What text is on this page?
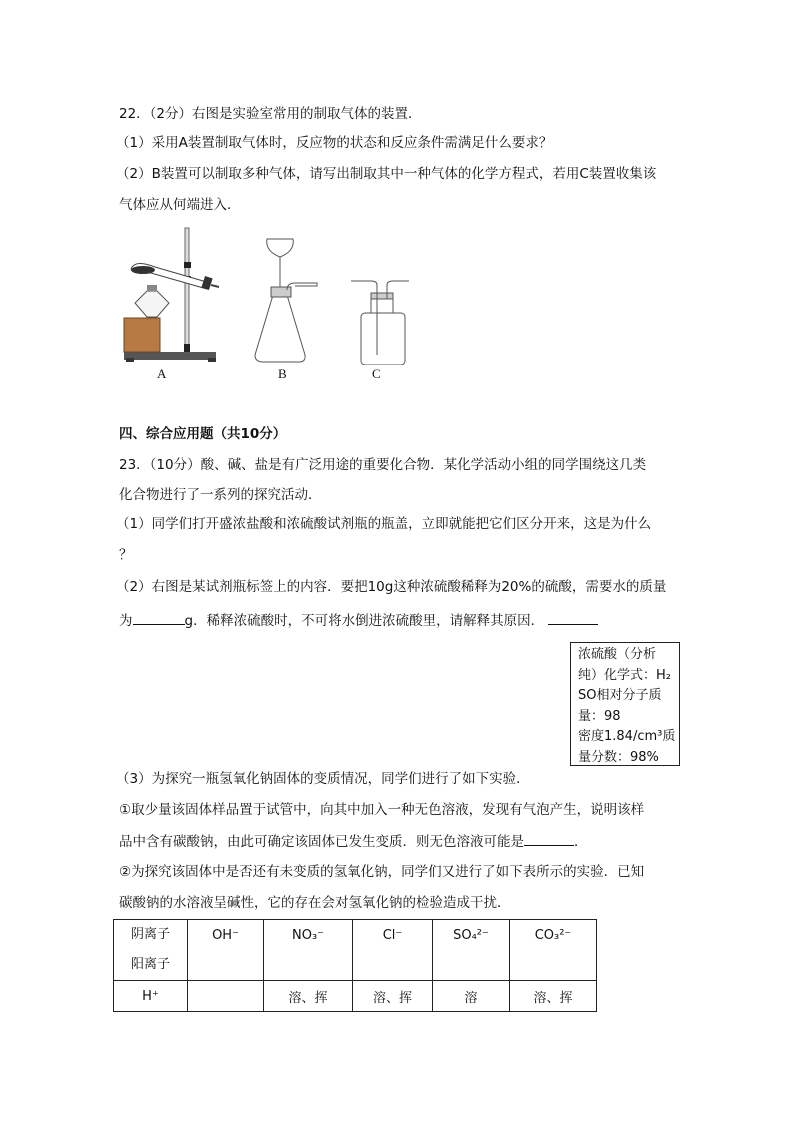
22．（2分）右图是实验室常用的制取气体的装置．
（1）采用A装置制取气体时，反应物的状态和反应条件需满足什么要求？
（2）B装置可以制取多种气体，请写出制取其中一种气体的化学方程式，若用C装置收集该
气体应从何端进入．
A	B	C
四、综合应用题（共10分）
23．（10分）酸、碱、盐是有广泛用途的重要化合物．某化学活动小组的同学围绕这几类
化合物进行了一系列的探究活动．
（1）同学们打开盛浓盐酸和浓硫酸试剂瓶的瓶盖，立即就能把它们区分开来，这是为什么
？
（2）右图是某试剂瓶标签上的内容．要把10g这种浓硫酸稀释为20%的硫酸，需要水的质量
为	g．稀释浓硫酸时，不可将水倒进浓硫酸里，请解释其原因．
浓硫酸（分析
纯）化学式：H₂
SO相对分子质
量：98
密度1.84/cm³质
量分数：98%
（3）为探究一瓶氢氧化钠固体的变质情况，同学们进行了如下实验．
①取少量该固体样品置于试管中，向其中加入一种无色溶液，发现有气泡产生，说明该样
品中含有碳酸钠，由此可确定该固体已发生变质．则无色溶液可能是	．
②为探究该固体中是否还有未变质的氢氧化钠，同学们又进行了如下表所示的实验．已知
碳酸钠的水溶液呈碱性，它的存在会对氢氧化钠的检验造成干扰．
阴离子
阳离子	OH⁻	NO₃⁻	Cl⁻	SO₄²⁻	CO₃²⁻
H⁺		溶、挥	溶、挥	溶	溶、挥
